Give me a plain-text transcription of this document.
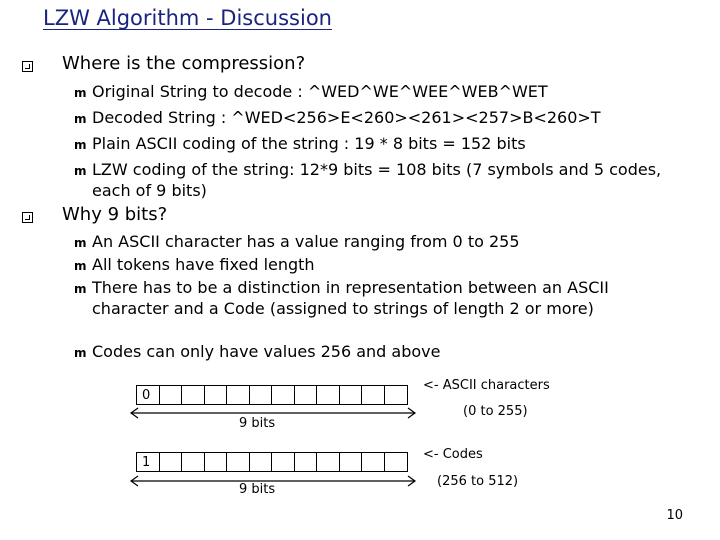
LZW Algorithm - Discussion
Where is the compression?
m
Original String to decode : ^WED^WE^WEE^WEB^WET
m
Decoded String : ^WED<256>E<260><261><257>B<260>T
m
Plain ASCII coding of the string : 19 * 8 bits = 152 bits
m
LZW coding of the string: 12*9 bits = 108 bits (7 symbols and 5 codes, each of 9 bits)
Why 9 bits?
m
An ASCII character has a value ranging from 0 to 255
m
All tokens have fixed length
m
There has to be a distinction in representation between an ASCII character and a Code (assigned to strings of length 2 or more)
m
Codes can only have values 256 and above
0
9 bits
<- ASCII characters
(0 to 255)
1
9 bits
<- Codes
(256 to 512)
10
